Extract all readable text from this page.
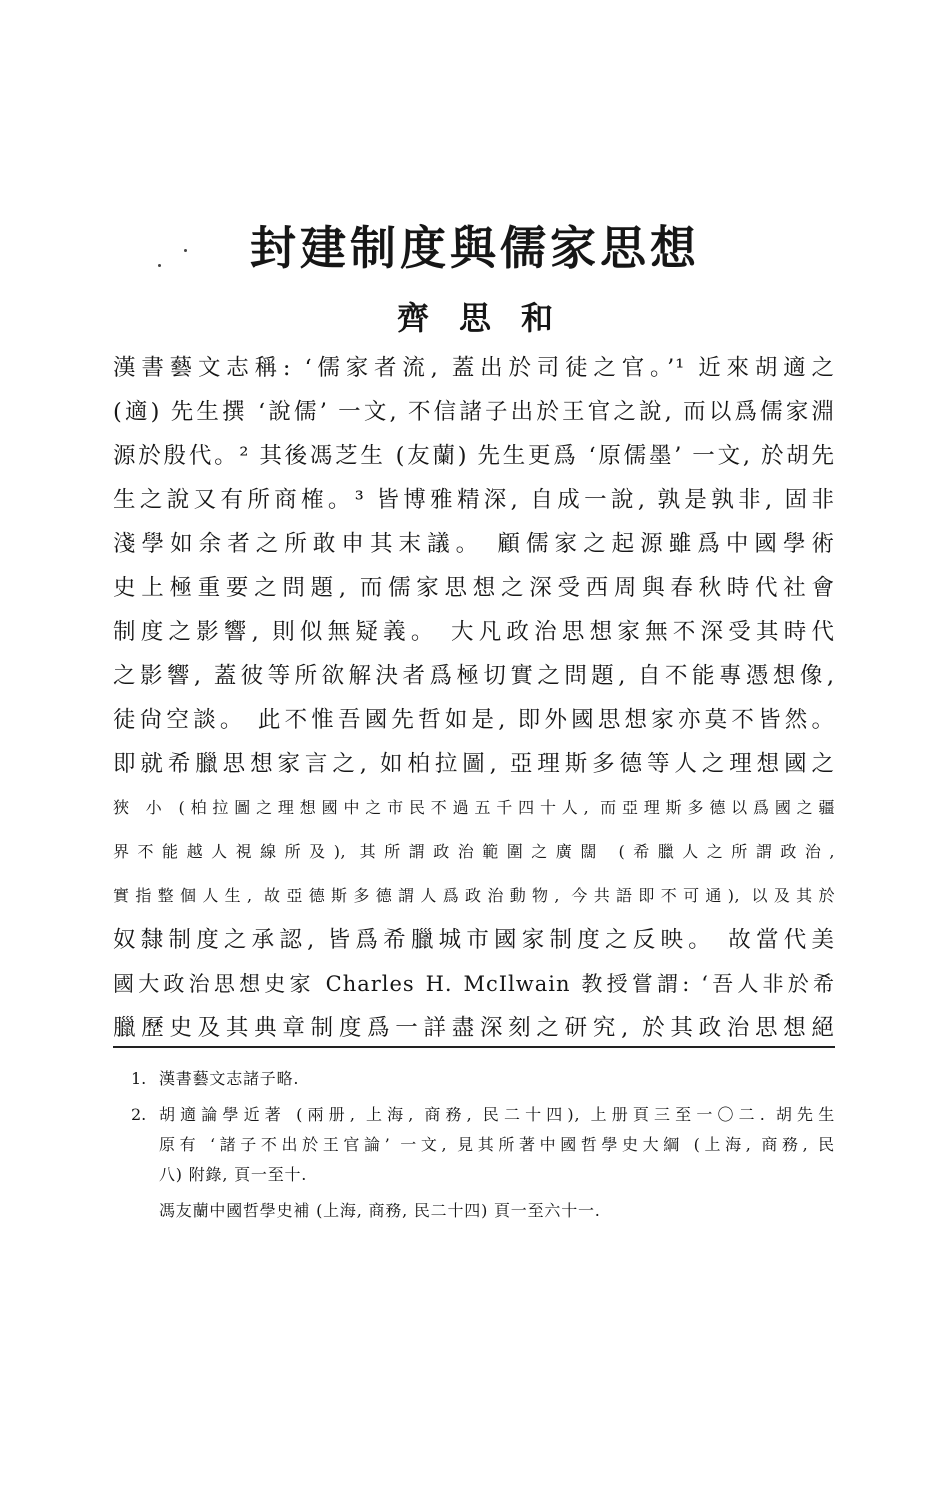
封建制度與儒家思想
齊思和
漢書藝文志稱: ‘儒家者流, 蓋出於司徒之官。’¹ 近來胡適之
(適) 先生撰 ‘說儒’ 一文, 不信諸子出於王官之說, 而以爲儒家淵
源於殷代。² 其後馮芝生 (友蘭) 先生更爲 ‘原儒墨’ 一文, 於胡先
生之說又有所商榷。³ 皆博雅精深, 自成一說, 孰是孰非, 固非
淺學如余者之所敢申其末議。 顧儒家之起源雖爲中國學術
史上極重要之問題, 而儒家思想之深受西周與春秋時代社會
制度之影響, 則似無疑義。 大凡政治思想家無不深受其時代
之影響, 蓋彼等所欲解決者爲極切實之問題, 自不能專憑想像,
徒尙空談。 此不惟吾國先哲如是, 即外國思想家亦莫不皆然。
即就希臘思想家言之, 如柏拉圖, 亞理斯多德等人之理想國之
狹 小 (柏拉圖之理想國中之市民不過五千四十人, 而亞理斯多德以爲國之疆
界不能越人視線所及), 其所謂政治範圍之廣闊 (希臘人之所謂政治,
實指整個人生, 故亞德斯多德謂人爲政治動物, 今共語即不可通), 以及其於
奴隸制度之承認, 皆爲希臘城市國家制度之反映。 故當代美
國大政治思想史家 Charles H. McIlwain 教授嘗謂: ‘吾人非於希
臘歷史及其典章制度爲一詳盡深刻之研究, 於其政治思想絕
1. 漢書藝文志諸子略.
2. 胡適論學近著 (兩册, 上海, 商務, 民二十四), 上册頁三至一〇二. 胡先生
原有 ‘諸子不出於王官論’ 一文, 見其所著中國哲學史大綱 (上海, 商務, 民
八) 附錄, 頁一至十.
馮友蘭中國哲學史補 (上海, 商務, 民二十四) 頁一至六十一.
